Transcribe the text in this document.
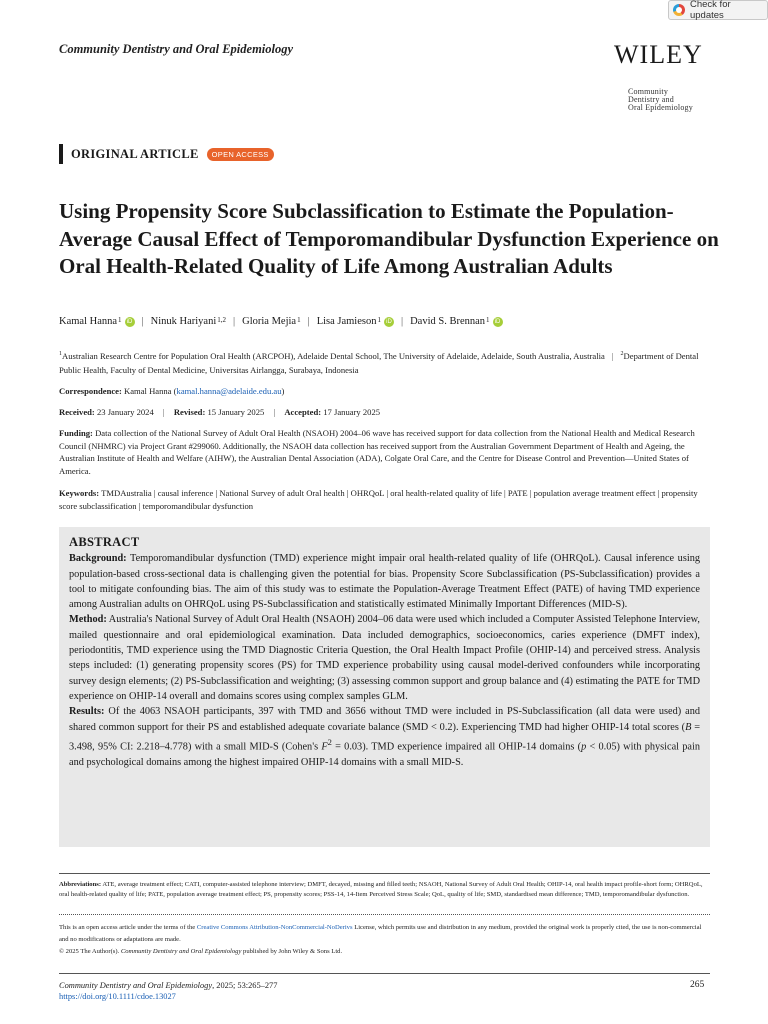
Check for updates
Community Dentistry and Oral Epidemiology	WILEY
Community
Dentistry and
Oral Epidemiology
ORIGINAL ARTICLE	OPEN ACCESS
Using Propensity Score Subclassification to Estimate the Population-Average Causal Effect of Temporomandibular Dysfunction Experience on Oral Health-Related Quality of Life Among Australian Adults
Kamal Hanna 1 iD | Ninuk Hariyani 1,2 | Gloria Mejia 1 | Lisa Jamieson 1 iD | David S. Brennan 1 iD
$^1$Australian Research Centre for Population Oral Health (ARCPOH), Adelaide Dental School, The University of Adelaide, Adelaide, South Australia, Australia | $^2$Department of Dental Public Health, Faculty of Dental Medicine, Universitas Airlangga, Surabaya, Indonesia
Correspondence: Kamal Hanna (kamal.hanna@adelaide.edu.au)
Received: 23 January 2024 | Revised: 15 January 2025 | Accepted: 17 January 2025
Funding: Data collection of the National Survey of Adult Oral Health (NSAOH) 2004–06 wave has received support for data collection from the National Health and Medical Research Council (NHMRC) via Project Grant #299060. Additionally, the NSAOH data collection has received support from the Australian Government Department of Health and Ageing, the Australian Institute of Health and Welfare (AIHW), the Australian Dental Association (ADA), Colgate Oral Care, and the Centre for Disease Control and Prevention—United States of America.
Keywords: TMDAustralia | causal inference | National Survey of adult Oral health | OHRQoL | oral health-related quality of life | PATE | population average treatment effect | propensity score subclassification | temporomandibular dysfunction
ABSTRACT

Background: Temporomandibular dysfunction (TMD) experience might impair oral health-related quality of life (OHRQoL). Causal inference using population-based cross-sectional data is challenging given the potential for bias. Propensity Score Subclassification (PS-Subclassification) provides a tool to mitigate confounding bias. The aim of this study was to estimate the Population-Average Treatment Effect (PATE) of having TMD experience among Australian adults on OHRQoL using PS-Subclassification and statistically estimated Minimally Important Differences (MID-S).

Method: Australia's National Survey of Adult Oral Health (NSAOH) 2004–06 data were used which included a Computer Assisted Telephone Interview, mailed questionnaire and oral epidemiological examination. Data included demographics, socioeconomics, caries experience (DMFT index), periodontitis, TMD experience using the TMD Diagnostic Criteria Question, the Oral Health Impact Profile (OHIP-14) and perceived stress. Analysis steps included: (1) generating propensity scores (PS) for TMD experience probability using causal model-derived confounders while incorporating survey design elements; (2) PS-Subclassification and weighting; (3) assessing common support and group balance and (4) estimating the PATE for TMD experience on OHIP-14 overall and domains scores using complex samples GLM.

Results: Of the 4063 NSAOH participants, 397 with TMD and 3656 without TMD were included in PS-Subclassification (all data were used) and shared common support for their PS and established adequate covariate balance (SMD < 0.2). Experiencing TMD had higher OHIP-14 total scores (B = 3.498, 95% CI: 2.218–4.778) with a small MID-S (Cohen's $F^2 = 0.03$). TMD experience impaired all OHIP-14 domains (p < 0.05) with physical pain and psychological domains among the highest impaired OHIP-14 domains with a small MID-S.

Abbreviations: ATE, average treatment effect; CATI, computer-assisted telephone interview; DMFT, decayed, missing and filled teeth; NSAOH, National Survey of Adult Oral Health; OHIP-14, oral health impact profile-short form; OHRQoL, oral health-related quality of life; PATE, population average treatment effect; PS, propensity scores; PSS-14, 14-Item Perceived Stress Scale; QoL, quality of life; SMD, standardised mean difference; TMD, temporomandibular dysfunction.
This is an open access article under the terms of the Creative Commons Attribution-NonCommercial-NoDerivs License, which permits use and distribution in any medium, provided the original work is properly cited, the use is non-commercial and no modifications or adaptations are made.
© 2025 The Author(s). Community Dentistry and Oral Epidemiology published by John Wiley & Sons Ltd.
Community Dentistry and Oral Epidemiology, 2025; 53:265–277
https://doi.org/10.1111/cdoe.13027
265
